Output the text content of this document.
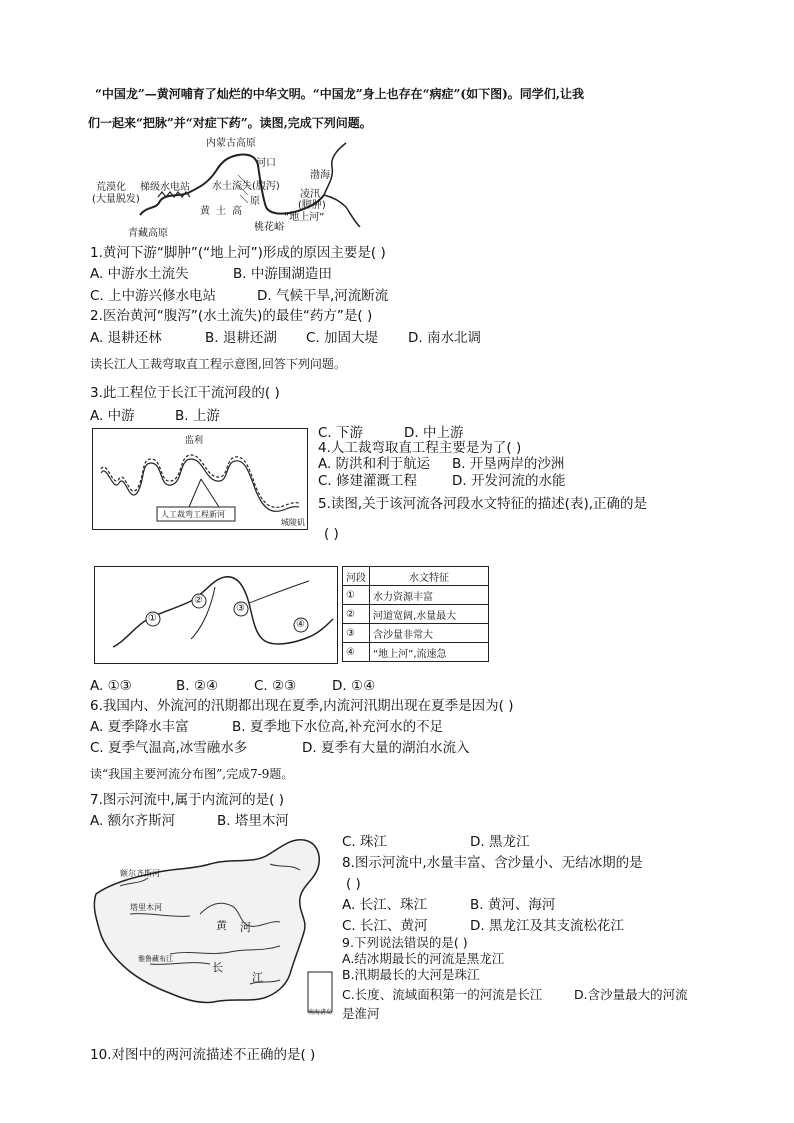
“中国龙”—黄河哺育了灿烂的中华文明。“中国龙”身上也存在“病症”(如下图)。同学们,让我
们一起来“把脉”并“对症下药”。读图,完成下列问题。
内蒙古高原
河口
荒漠化
(大量脱发)
梯级水电站 水土流失(腹泻)
渤海
黄 土 高
原
凌汛
(脚肿)
“地上河”
青藏高原
桃花峪
1.黄河下游“脚肿”(“地上河”)形成的原因主要是( )
A. 中游水土流失	B. 中游围湖造田
C. 上中游兴修水电站	D. 气候干旱,河流断流
2.医治黄河“腹泻”(水土流失)的最佳“药方”是( )
A. 退耕还林	B. 退耕还湖 C. 加固大堤 D. 南水北调
读长江人工裁弯取直工程示意图,回答下列问题。
3.此工程位于长江干流河段的( )
A. 中游	B. 上游
监利
人工裁弯工程新河
城陵矶
C. 下游	D. 中上游
4.人工裁弯取直工程主要是为了( )
A. 防洪和利于航运 B. 开垦两岸的沙洲
C. 修建灌溉工程	D. 开发河流的水能
5.读图,关于该河流各河段水文特征的描述(表),正确的是
( )
①
②
③
④
河段	水文特征
①	水力资源丰富
②	河道宽阔,水量最大
③	含沙量非常大
④	“地上河”,流速急
A. ①③	B. ②④	C. ②③	D. ①④
6.我国内、外流河的汛期都出现在夏季,内流河汛期出现在夏季是因为( )
A. 夏季降水丰富	B. 夏季地下水位高,补充河水的不足
C. 夏季气温高,冰雪融水多	D. 夏季有大量的湖泊水流入
读“我国主要河流分布图”,完成7-9题。
7.图示河流中,属于内流河的是( )
A. 额尔齐斯河	B. 塔里木河
额尔齐斯河
塔里木河
黄 河
长
江
雅鲁藏布江
南海诸岛
C. 珠江	D. 黑龙江
8.图示河流中,水量丰富、含沙量小、无结冰期的是
( )
A. 长江、珠江	B. 黄河、海河
C. 长江、黄河	D. 黑龙江及其支流松花江
9.下列说法错误的是( )
A.结冰期最长的河流是黑龙江
B.汛期最长的大河是珠江
C.长度、流域面积第一的河流是长江	D.含沙量最大的河流
是淮河
10.对图中的两河流描述不正确的是( )
